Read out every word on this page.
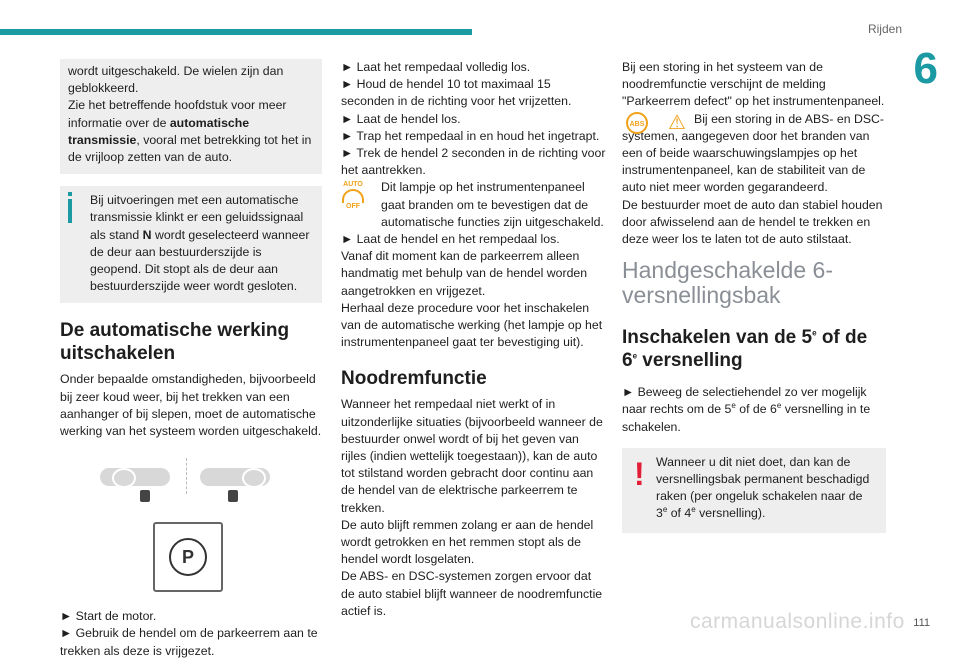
Rijden
6

wordt uitgeschakeld. De wielen zijn dan geblokkeerd.
Zie het betreffende hoofdstuk voor meer informatie over de automatische transmissie, vooral met betrekking tot het in de vrijloop zetten van de auto.

Bij uitvoeringen met een automatische transmissie klinkt er een geluidssignaal als stand N wordt geselecteerd wanneer de deur aan bestuurderszijde is geopend. Dit stopt als de deur aan bestuurderszijde weer wordt gesloten.

De automatische werking uitschakelen

Onder bepaalde omstandigheden, bijvoorbeeld bij zeer koud weer, bij het trekken van een aanhanger of bij slepen, moet de automatische werking van het systeem worden uitgeschakeld.

P

► Start de motor.

► Gebruik de hendel om de parkeerrem aan te trekken als deze is vrijgezet.

► Laat het rempedaal volledig los.

► Houd de hendel 10 tot maximaal 15 seconden in de richting voor het vrijzetten.

► Laat de hendel los.

► Trap het rempedaal in en houd het ingetrapt.

► Trek de hendel 2 seconden in de richting voor het aantrekken.

AUTO
OFF

Dit lampje op het instrumentenpaneel gaat branden om te bevestigen dat de automatische functies zijn uitgeschakeld.

► Laat de hendel en het rempedaal los.

Vanaf dit moment kan de parkeerrem alleen handmatig met behulp van de hendel worden aangetrokken en vrijgezet.

Herhaal deze procedure voor het inschakelen van de automatische werking (het lampje op het instrumentenpaneel gaat ter bevestiging uit).

Noodremfunctie

Wanneer het rempedaal niet werkt of in uitzonderlijke situaties (bijvoorbeeld wanneer de bestuurder onwel wordt of bij het geven van rijles (indien wettelijk toegestaan)), kan de auto tot stilstand worden gebracht door continu aan de hendel van de elektrische parkeerrem te trekken.

De auto blijft remmen zolang er aan de hendel wordt getrokken en het remmen stopt als de hendel wordt losgelaten.

De ABS- en DSC-systemen zorgen ervoor dat de auto stabiel blijft wanneer de noodremfunctie actief is.

Bij een storing in het systeem van de noodremfunctie verschijnt de melding "Parkeerrem defect" op het instrumentenpaneel.

ABS ⚠ Bij een storing in de ABS- en DSC-systemen, aangegeven door het branden van een of beide waarschuwingslampjes op het instrumentenpaneel, kan de stabiliteit van de auto niet meer worden gegarandeerd.

De bestuurder moet de auto dan stabiel houden door afwisselend aan de hendel te trekken en deze weer los te laten tot de auto stilstaat.

Handgeschakelde 6-versnellingsbak
Inschakelen van de 5e of de 6e versnelling

► Beweeg de selectiehendel zo ver mogelijk naar rechts om de 5e of de 6e versnelling in te schakelen.

! Wanneer u dit niet doet, dan kan de versnellingsbak permanent beschadigd raken (per ongeluk schakelen naar de 3e of 4e versnelling).

carmanualsonline.info 111
